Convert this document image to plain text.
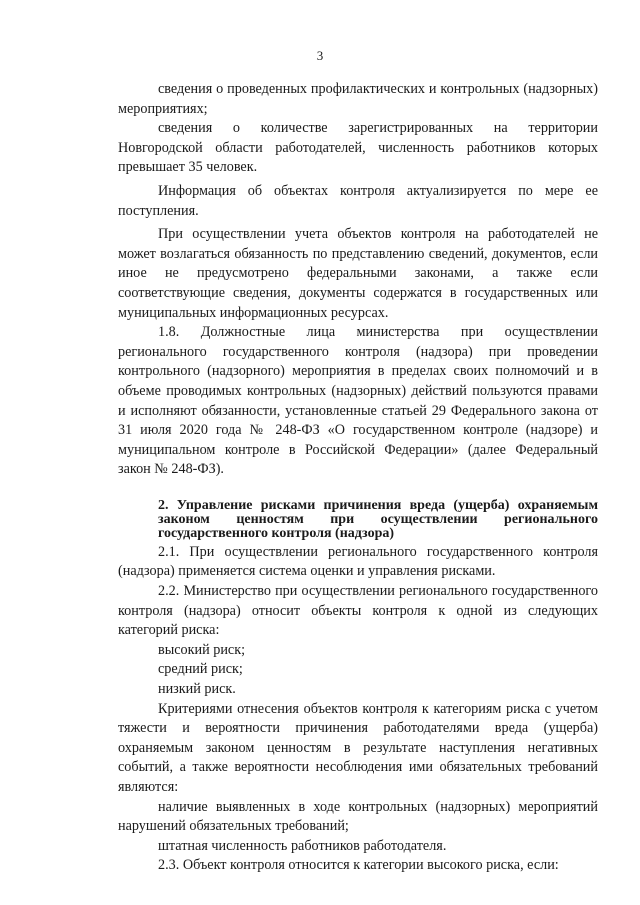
3

сведения о проведенных профилактических и контрольных (надзорных) мероприятиях;

сведения о количестве зарегистрированных на территории Новгородской области работодателей, численность работников которых превышает 35 человек.

Информация об объектах контроля актуализируется по мере ее поступления.

При осуществлении учета объектов контроля на работодателей не может возлагаться обязанность по представлению сведений, документов, если иное не предусмотрено федеральными законами, а также если соответствующие сведения, документы содержатся в государственных или муниципальных информационных ресурсах.

1.8. Должностные лица министерства при осуществлении регионального государственного контроля (надзора) при проведении контрольного (надзорного) мероприятия в пределах своих полномочий и в объеме проводимых контрольных (надзорных) действий пользуются правами и исполняют обязанности, установленные статьей 29 Федерального закона от 31 июля 2020 года № 248-ФЗ «О государственном контроле (надзоре) и муниципальном контроле в Российской Федерации» (далее Федеральный закон № 248-ФЗ).

2. Управление рисками причинения вреда (ущерба) охраняемым законом ценностям при осуществлении регионального государственного контроля (надзора)

2.1. При осуществлении регионального государственного контроля (надзора) применяется система оценки и управления рисками.

2.2. Министерство при осуществлении регионального государственного контроля (надзора) относит объекты контроля к одной из следующих категорий риска:

высокий риск;

средний риск;

низкий риск.

Критериями отнесения объектов контроля к категориям риска с учетом тяжести и вероятности причинения работодателями вреда (ущерба) охраняемым законом ценностям в результате наступления негативных событий, а также вероятности несоблюдения ими обязательных требований являются:

наличие выявленных в ходе контрольных (надзорных) мероприятий нарушений обязательных требований;

штатная численность работников работодателя.

2.3. Объект контроля относится к категории высокого риска, если:
